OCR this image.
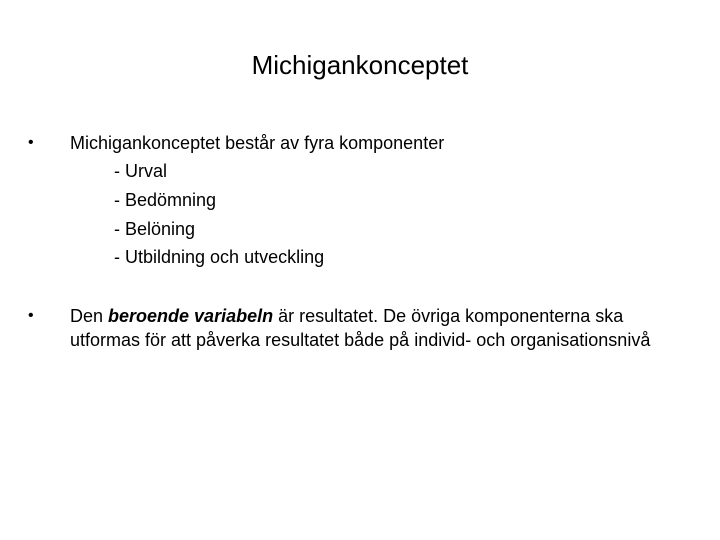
Michigankonceptet
•	Michigankonceptet består av fyra komponenter
- Urval
- Bedömning
- Belöning
- Utbildning och utveckling
•	Den beroende variabeln är resultatet. De övriga komponenterna ska utformas för att påverka resultatet både på individ- och organisationsnivå
